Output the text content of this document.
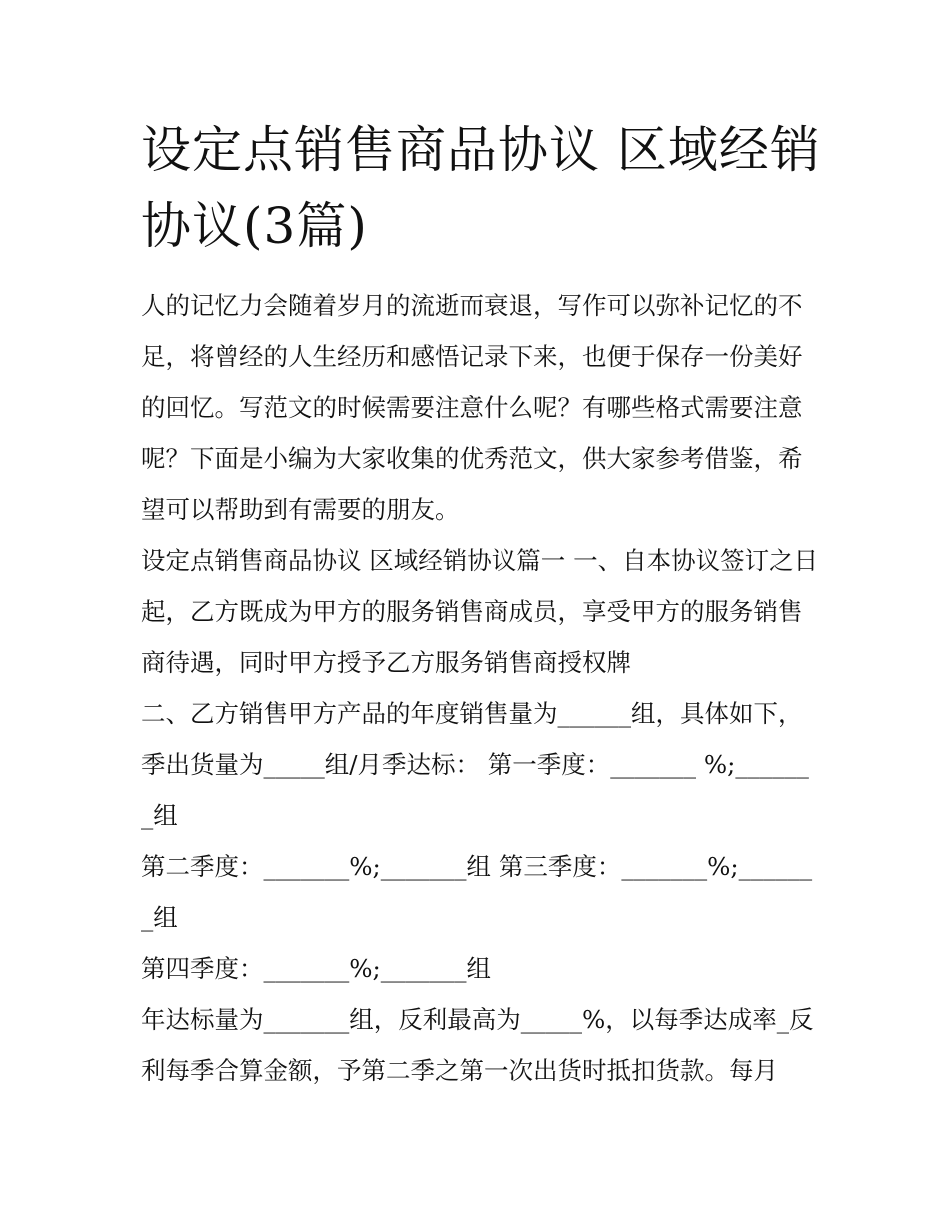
设定点销售商品协议 区域经销协议(3篇)

人的记忆力会随着岁月的流逝而衰退，写作可以弥补记忆的不足，将曾经的人生经历和感悟记录下来，也便于保存一份美好的回忆。写范文的时候需要注意什么呢？有哪些格式需要注意呢？下面是小编为大家收集的优秀范文，供大家参考借鉴，希望可以帮助到有需要的朋友。

设定点销售商品协议 区域经销协议篇一 一、自本协议签订之日起，乙方既成为甲方的服务销售商成员，享受甲方的服务销售商待遇，同时甲方授予乙方服务销售商授权牌

二、乙方销售甲方产品的年度销售量为______组，具体如下，季出货量为_____组/月季达标： 第一季度：_______ %;_______组

第二季度：_______%;_______组 第三季度：_______%;_______组

第四季度：_______%;_______组

年达标量为_______组，反利最高为_____%，以每季达成率_反利每季合算金额，予第二季之第一次出货时抵扣货款。每月
